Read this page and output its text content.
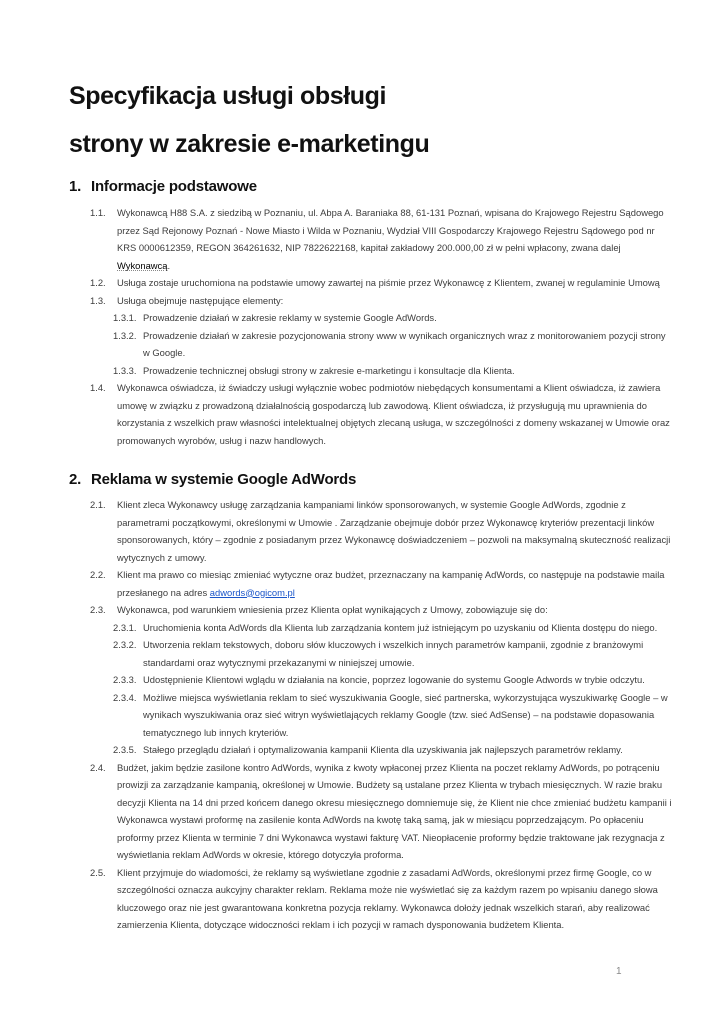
Specyfikacja usługi obsługi
strony w zakresie e-marketingu
1. Informacje podstawowe
1.1.	Wykonawcą H88 S.A. z siedzibą w Poznaniu, ul. Abpa A. Baraniaka 88, 61-131 Poznań, wpisana do Krajowego Rejestru Sądowego przez Sąd Rejonowy Poznań - Nowe Miasto i Wilda w Poznaniu, Wydział VIII Gospodarczy Krajowego Rejestru Sądowego pod nr KRS 0000612359, REGON 364261632, NIP 7822622168, kapitał zakładowy 200.000,00 zł w pełni wpłacony, zwana dalej Wykonawcą.
1.2.	Usługa zostaje uruchomiona na podstawie umowy zawartej na piśmie przez Wykonawcę z Klientem, zwanej w regulaminie Umową
1.3.	Usługa obejmuje następujące elementy:
1.3.1. Prowadzenie działań w zakresie reklamy w systemie Google AdWords.
1.3.2. Prowadzenie działań w zakresie pozycjonowania strony www w wynikach organicznych wraz z monitorowaniem pozycji strony w Google.
1.3.3. Prowadzenie technicznej obsługi strony w zakresie e-marketingu i konsultacje dla Klienta.
1.4.	Wykonawca oświadcza, iż świadczy usługi wyłącznie wobec podmiotów niebędących konsumentami a Klient oświadcza, iż zawiera umowę w związku z prowadzoną działalnością gospodarczą lub zawodową. Klient oświadcza, iż przysługują mu uprawnienia do korzystania z wszelkich praw własności intelektualnej objętych zlecaną usługa, w szczególności z domeny wskazanej w Umowie oraz promowanych wyrobów, usług i nazw handlowych.
2. Reklama w systemie Google AdWords
2.1.	Klient zleca Wykonawcy usługę zarządzania kampaniami linków sponsorowanych, w systemie Google AdWords, zgodnie z parametrami początkowymi, określonymi w Umowie . Zarządzanie obejmuje dobór przez Wykonawcę kryteriów prezentacji linków sponsorowanych, który – zgodnie z posiadanym przez Wykonawcę doświadczeniem – pozwoli na maksymalną skuteczność realizacji wytycznych z umowy.
2.2.	Klient ma prawo co miesiąc zmieniać wytyczne oraz budżet, przeznaczany na kampanię AdWords, co następuje na podstawie maila przesłanego na adres adwords@ogicom.pl
2.3.	Wykonawca, pod warunkiem wniesienia przez Klienta opłat wynikających z Umowy, zobowiązuje się do:
2.3.1. Uruchomienia konta AdWords dla Klienta lub zarządzania kontem już istniejącym po uzyskaniu od Klienta dostępu do niego.
2.3.2. Utworzenia reklam tekstowych, doboru słów kluczowych i wszelkich innych parametrów kampanii, zgodnie z branżowymi standardami oraz wytycznymi przekazanymi w niniejszej umowie.
2.3.3. Udostępnienie Klientowi wglądu w działania na koncie, poprzez logowanie do systemu Google Adwords w trybie odczytu.
2.3.4. Możliwe miejsca wyświetlania reklam to sieć wyszukiwania Google, sieć partnerska, wykorzystująca wyszukiwarkę Google – w wynikach wyszukiwania oraz sieć witryn wyświetlających reklamy Google (tzw. sieć AdSense) – na podstawie dopasowania tematycznego lub innych kryteriów.
2.3.5. Stałego przeglądu działań i optymalizowania kampanii Klienta dla uzyskiwania jak najlepszych parametrów reklamy.
2.4.	Budżet, jakim będzie zasilone kontro AdWords, wynika z kwoty wpłaconej przez Klienta na poczet reklamy AdWords, po potrąceniu prowizji za zarządzanie kampanią, określonej w Umowie. Budżety są ustalane przez Klienta w trybach miesięcznych. W razie braku decyzji Klienta na 14 dni przed końcem danego okresu miesięcznego domniemuje się, że Klient nie chce zmieniać budżetu kampanii i Wykonawca wystawi proformę na zasilenie konta AdWords na kwotę taką samą, jak w miesiącu poprzedzającym. Po opłaceniu proformy przez Klienta w terminie 7 dni Wykonawca wystawi fakturę VAT. Nieopłacenie proformy będzie traktowane jak rezygnacja z wyświetlania reklam AdWords w okresie, którego dotyczyła proforma.
2.5.	Klient przyjmuje do wiadomości, że reklamy są wyświetlane zgodnie z zasadami AdWords, określonymi przez firmę Google, co w szczególności oznacza aukcyjny charakter reklam. Reklama może nie wyświetlać się za każdym razem po wpisaniu danego słowa kluczowego oraz nie jest gwarantowana konkretna pozycja reklamy. Wykonawca dołoży jednak wszelkich starań, aby realizować zamierzenia Klienta, dotyczące widoczności reklam i ich pozycji w ramach dysponowania budżetem Klienta.
1
